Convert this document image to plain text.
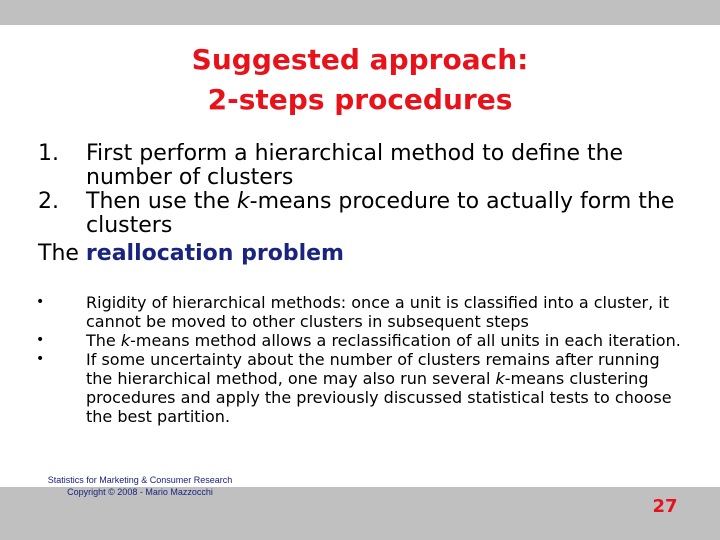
Suggested approach:
2-steps procedures

1. First perform a hierarchical method to define the number of clusters

2. Then use the k-means procedure to actually form the clusters

The reallocation problem

•	Rigidity of hierarchical methods: once a unit is classified into a cluster, it cannot be moved to other clusters in subsequent steps

•	The k-means method allows a reclassification of all units in each iteration.

•	If some uncertainty about the number of clusters remains after running the hierarchical method, one may also run several k-means clustering procedures and apply the previously discussed statistical tests to choose the best partition.

Statistics for Marketing & Consumer Research
Copyright © 2008 - Mario Mazzocchi
27
